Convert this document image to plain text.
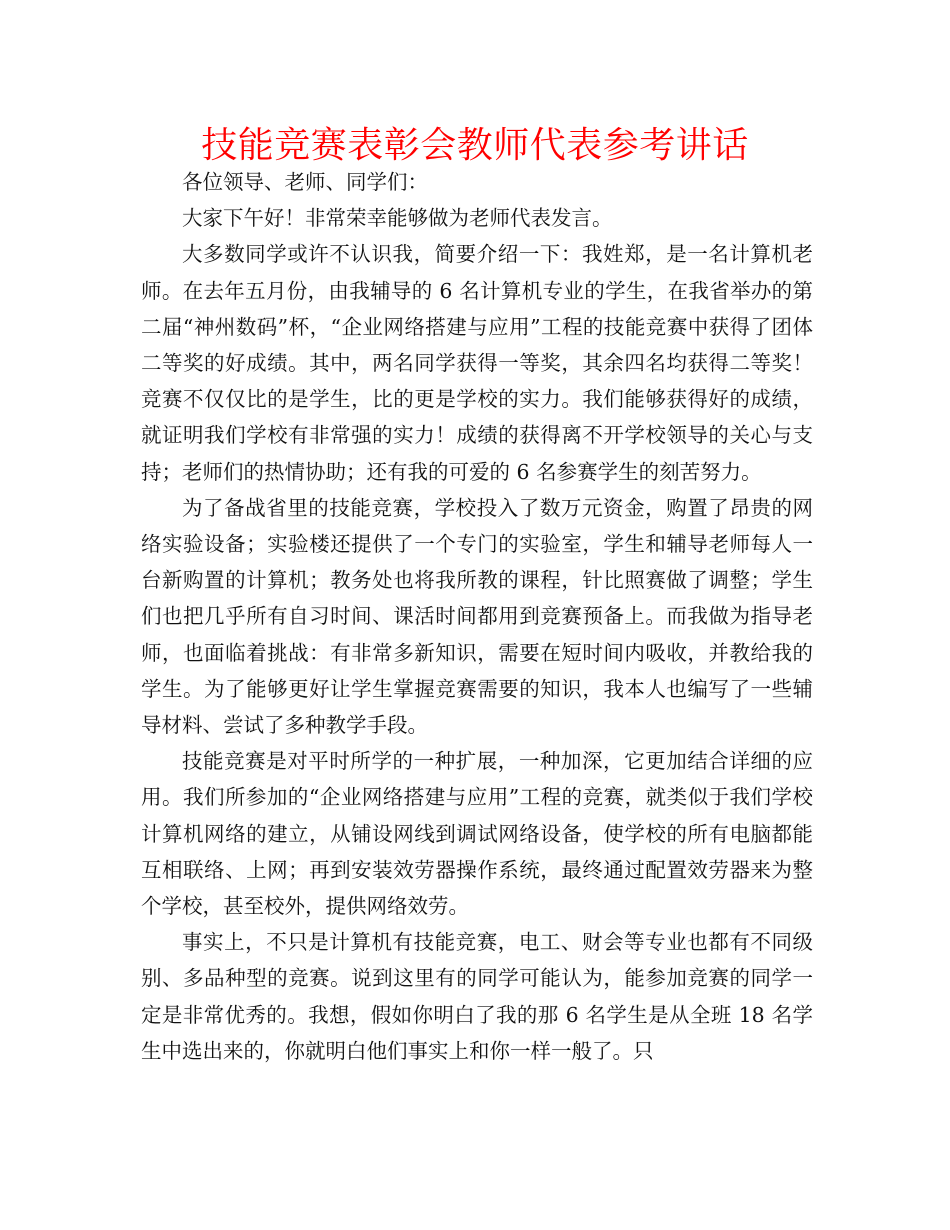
技能竞赛表彰会教师代表参考讲话

各位领导、老师、同学们：

大家下午好！非常荣幸能够做为老师代表发言。

大多数同学或许不认识我，简要介绍一下：我姓郑，是一名计算机老师。在去年五月份，由我辅导的 6 名计算机专业的学生，在我省举办的第二届“神州数码”杯，“企业网络搭建与应用”工程的技能竞赛中获得了团体二等奖的好成绩。其中，两名同学获得一等奖，其余四名均获得二等奖！竞赛不仅仅比的是学生，比的更是学校的实力。我们能够获得好的成绩，就证明我们学校有非常强的实力！成绩的获得离不开学校领导的关心与支持；老师们的热情协助；还有我的可爱的 6 名参赛学生的刻苦努力。

为了备战省里的技能竞赛，学校投入了数万元资金，购置了昂贵的网络实验设备；实验楼还提供了一个专门的实验室，学生和辅导老师每人一台新购置的计算机；教务处也将我所教的课程，针比照赛做了调整；学生们也把几乎所有自习时间、课活时间都用到竞赛预备上。而我做为指导老师，也面临着挑战：有非常多新知识，需要在短时间内吸收，并教给我的学生。为了能够更好让学生掌握竞赛需要的知识，我本人也编写了一些辅导材料、尝试了多种教学手段。

技能竞赛是对平时所学的一种扩展，一种加深，它更加结合详细的应用。我们所参加的“企业网络搭建与应用”工程的竞赛，就类似于我们学校计算机网络的建立，从铺设网线到调试网络设备，使学校的所有电脑都能互相联络、上网；再到安装效劳器操作系统，最终通过配置效劳器来为整个学校，甚至校外，提供网络效劳。

事实上，不只是计算机有技能竞赛，电工、财会等专业也都有不同级别、多品种型的竞赛。说到这里有的同学可能认为，能参加竞赛的同学一定是非常优秀的。我想，假如你明白了我的那 6 名学生是从全班 18 名学生中选出来的，你就明白他们事实上和你一样一般了。只
